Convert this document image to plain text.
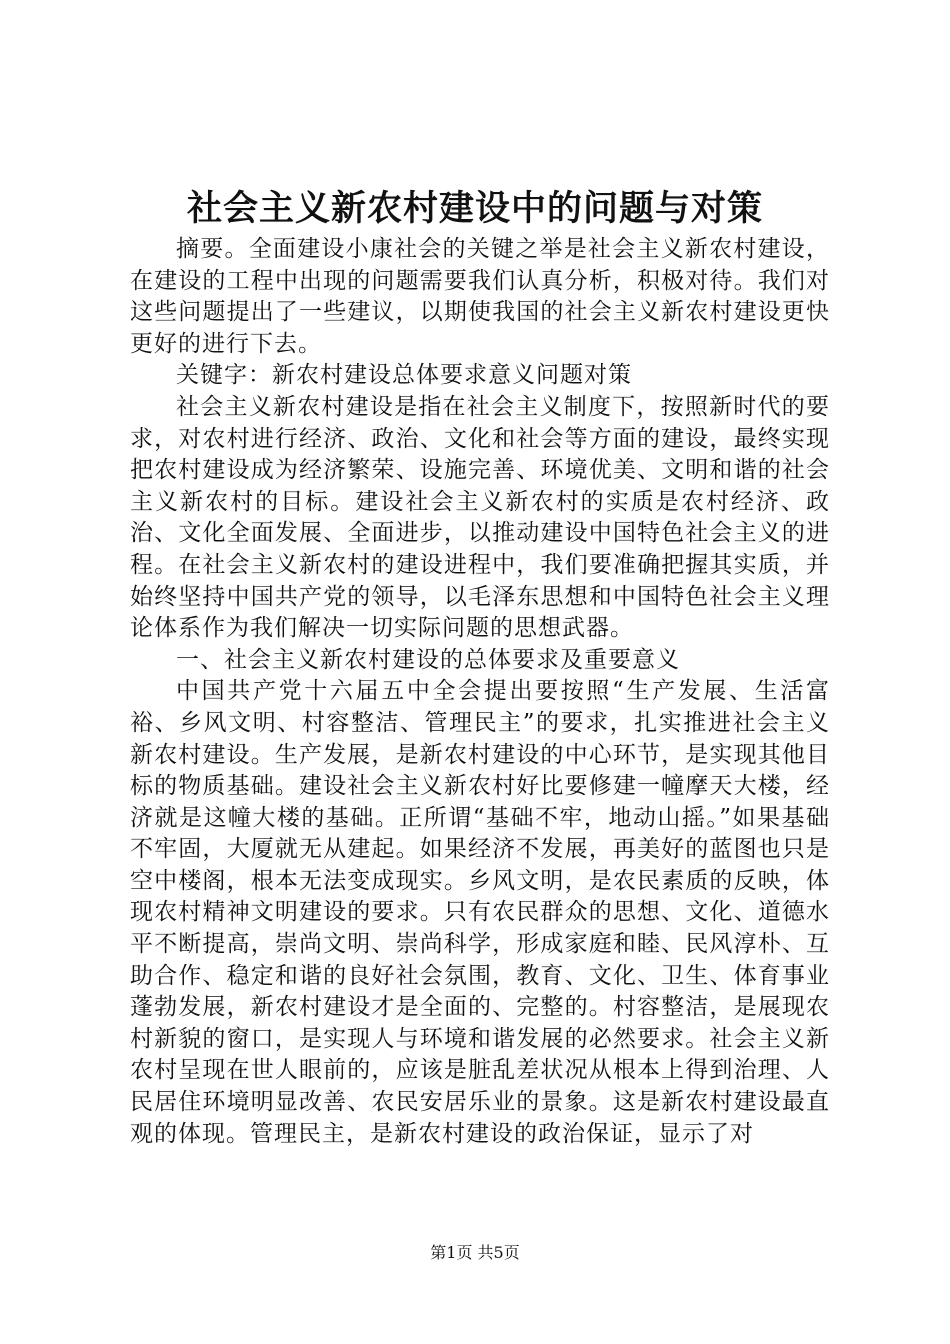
社会主义新农村建设中的问题与对策

摘要。全面建设小康社会的关键之举是社会主义新农村建设，在建设的工程中出现的问题需要我们认真分析，积极对待。我们对这些问题提出了一些建议，以期使我国的社会主义新农村建设更快更好的进行下去。

关键字：新农村建设总体要求意义问题对策

社会主义新农村建设是指在社会主义制度下，按照新时代的要求，对农村进行经济、政治、文化和社会等方面的建设，最终实现把农村建设成为经济繁荣、设施完善、环境优美、文明和谐的社会主义新农村的目标。建设社会主义新农村的实质是农村经济、政治、文化全面发展、全面进步，以推动建设中国特色社会主义的进程。在社会主义新农村的建设进程中，我们要准确把握其实质，并始终坚持中国共产党的领导，以毛泽东思想和中国特色社会主义理论体系作为我们解决一切实际问题的思想武器。

一、社会主义新农村建设的总体要求及重要意义

中国共产党十六届五中全会提出要按照“生产发展、生活富裕、乡风文明、村容整洁、管理民主”的要求，扎实推进社会主义新农村建设。生产发展，是新农村建设的中心环节，是实现其他目标的物质基础。建设社会主义新农村好比要修建一幢摩天大楼，经济就是这幢大楼的基础。正所谓“基础不牢，地动山摇。”如果基础不牢固，大厦就无从建起。如果经济不发展，再美好的蓝图也只是空中楼阁，根本无法变成现实。乡风文明，是农民素质的反映，体现农村精神文明建设的要求。只有农民群众的思想、文化、道德水平不断提高，崇尚文明、崇尚科学，形成家庭和睦、民风淳朴、互助合作、稳定和谐的良好社会氛围，教育、文化、卫生、体育事业蓬勃发展，新农村建设才是全面的、完整的。村容整洁，是展现农村新貌的窗口，是实现人与环境和谐发展的必然要求。社会主义新农村呈现在世人眼前的，应该是脏乱差状况从根本上得到治理、人民居住环境明显改善、农民安居乐业的景象。这是新农村建设最直观的体现。管理民主，是新农村建设的政治保证，显示了对

第1页 共5页
